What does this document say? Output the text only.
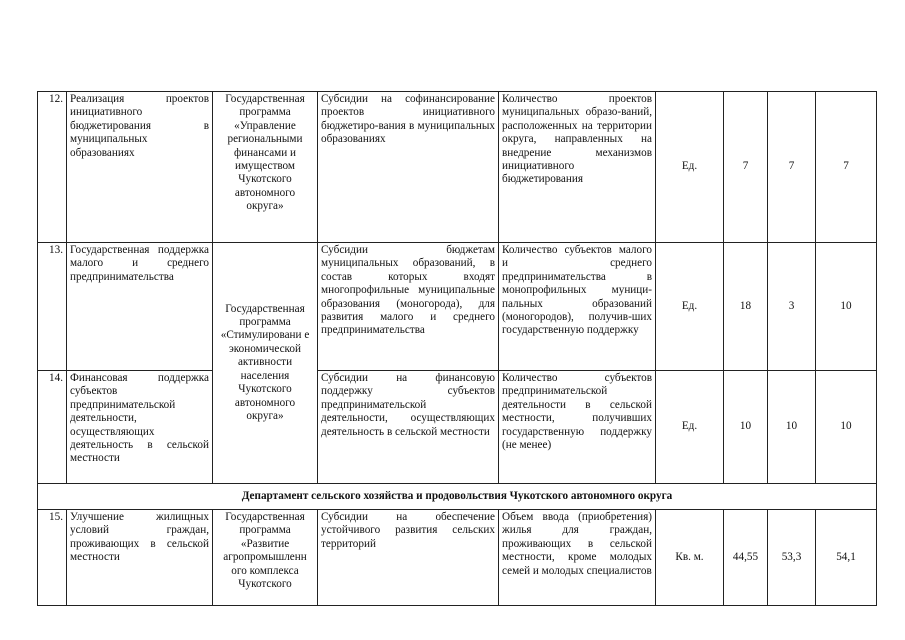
12.	Реализация проектов инициативного бюджетирования в муниципальных образованиях	Государственная программа «Управление региональными финансами и имуществом Чукотского автономного округа»	Субсидии на софинансирование проектов инициативного бюджетиро-вания в муниципальных образованиях	Количество проектов муниципальных образо-ваний, расположенных на территории округа, направленных на внедрение механизмов инициативного бюджетирования	Ед.	7	7	7
13.	Государственная поддержка малого и среднего предпринимательства	Государственная программа «Стимулировани е экономической активности населения Чукотского автономного округа»	Субсидии бюджетам муниципальных образований, в состав которых входят многопрофильные муниципальные образования (моногорода), для развития малого и среднего предпринимательства	Количество субъектов малого и среднего предпринимательства в монопрофильных муници-пальных образований (моногородов), получив-ших государственную поддержку	Ед.	18	3	10
14.	Финансовая поддержка субъектов предпринимательской деятельности, осуществляющих деятельность в сельской местности		Субсидии на финансовую поддержку субъектов предпринимательской деятельности, осуществляющих деятельность в сельской местности	Количество субъектов предпринимательской деятельности в сельской местности, получивших государственную поддержку (не менее)	Ед.	10	10	10
Департамент сельского хозяйства и продовольствия Чукотского автономного округа								
15.	Улучшение жилищных условий граждан, проживающих в сельской местности	Государственная программа «Развитие агропромышленн ого комплекса Чукотского	Субсидии на обеспечение устойчивого развития сельских территорий	Объем ввода (приобретения) жилья для граждан, проживающих в сельской местности, кроме молодых семей и молодых специалистов	Кв. м.	44,55	53,3	54,1
